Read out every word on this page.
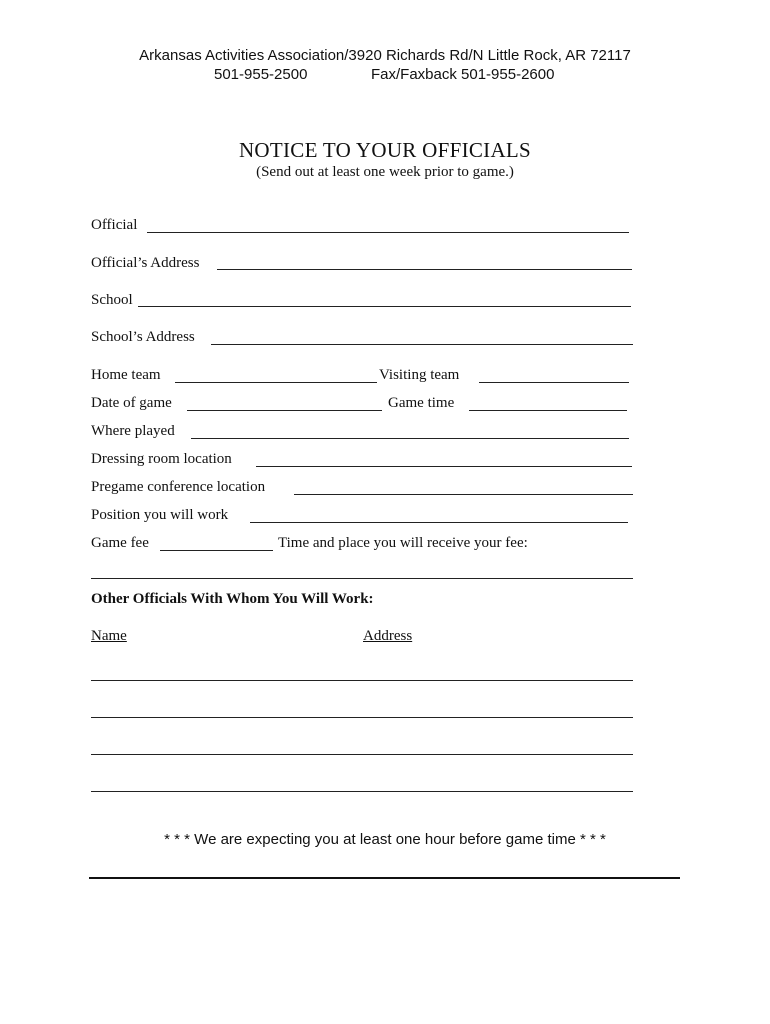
Arkansas Activities Association/3920 Richards Rd/N Little Rock, AR 72117
501-955-2500	Fax/Faxback 501-955-2600
NOTICE TO YOUR OFFICIALS
(Send out at least one week prior to game.)
Official
Official’s Address
School
School’s Address
Home team	Visiting team
Date of game	Game time
Where played
Dressing room location
Pregame conference location
Position you will work
Game fee	Time and place you will receive your fee:
Other Officials With Whom You Will Work:
Name	Address
* * * We are expecting you at least one hour before game time * * *
